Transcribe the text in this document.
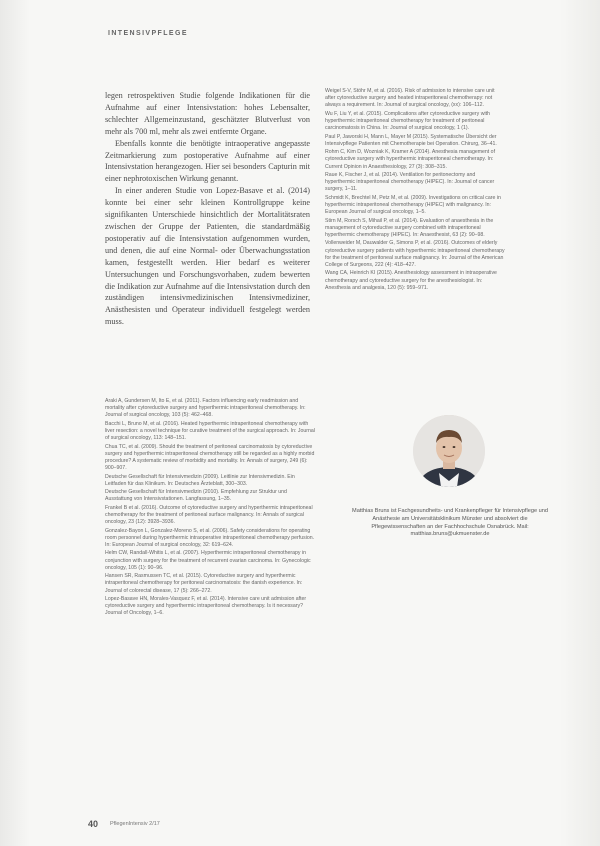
INTENSIVPFLEGE

legen retrospektiven Studie folgende Indikationen für die Aufnahme auf einer Intensivstation: hohes Lebensalter, schlechter Allgemeinzustand, geschätzter Blutverlust von mehr als 700 ml, mehr als zwei entfernte Organe.

Ebenfalls konnte die benötigte intraoperative angepasste Zeitmarkierung zum postoperative Aufnahme auf einer Intensivstation herangezogen. Hier sei besonders Capturin mit einer nephrotoxischen Wirkung genannt.

In einer anderen Studie von Lopez-Basave et al. (2014) konnte bei einer sehr kleinen Kontrollgruppe keine signifikanten Unterschiede hinsichtlich der Mortalitätsraten zwischen der Gruppe der Patienten, die standardmäßig postoperativ auf die Intensivstation aufgenommen wurden, und denen, die auf eine Normal- oder Überwachungsstation kamen, festgestellt werden. Hier bedarf es weiterer Untersuchungen und Forschungsvorhaben, zudem bewerten die Indikation zur Aufnahme auf die Intensivstation durch den zuständigen intensivmedizinischen Intensivmediziner, Anästhesisten und Operateur individuell festgelegt werden muss.

Weigel S-V, Stöhr M, et al. (2016). Risk of admission to intensive care unit after cytoreductive surgery and heated intraperitoneal chemotherapy: not always a requirement. In: Journal of surgical oncology, (xx): 106–112.
Wu F, Liu Y, et al. (2015). Complications after cytoreductive surgery with hyperthermic intraperitoneal chemotherapy for treatment of peritoneal carcinomatosis in China. In: Journal of surgical oncology, 1 (1).
Paul P, Jaworski H, Mann L, Mayer M (2015). Systematische Übersicht der Intensivpflege Patienten mit Chemotherapie bei Operation. Chirurg, 36–41.
Rohm C, Kim D, Wozniak K, Kramer A (2014). Anesthesia management of cytoreductive surgery with hyperthermic intraperitoneal chemotherapy. In: Current Opinion in Anaesthesiology, 27 (3): 308–315.
Raue K, Fischer J, et al. (2014). Ventilation for peritonectomy and hyperthermic intraperitoneal chemotherapy (HIPEC). In: Journal of cancer surgery, 1–11.
Schmidt K, Brechtel M, Petz M, et al. (2009). Investigations on critical care in hyperthermic intraperitoneal chemotherapy (HIPEC) with malignancy. In: European Journal of surgical oncology, 1–5.
Stirn M, Rorsch S, Mihail P, et al. (2014). Evaluation of anaesthesia in the management of cytoreductive surgery combined with intraperitoneal hyperthermic chemotherapy (HIPEC). In: Anaesthesist, 63 (2): 90–98.
Vollenweider M, Dauwalder G, Simons P, et al. (2016). Outcomes of elderly cytoreductive surgery patients with hyperthermic intraperitoneal chemotherapy for the treatment of peritoneal surface malignancy. In: Journal of the American College of Surgeons, 222 (4): 418–427.
Wang CA, Heinrich KI (2015). Anesthesiology assessment in intraoperative chemotherapy and cytoreductive surgery for the anesthesiologist. In: Anesthesia and analgesia, 120 (5): 959–971.
Araki A, Gundersen M, Ito E, et al. (2011). Factors influencing early readmission and mortality after cytoreductive surgery and hyperthermic intraperitoneal chemotherapy. In: Journal of surgical oncology, 103 (5): 462–468.
Bacchi L, Bruno M, et al. (2016). Heated hyperthermic intraperitoneal chemotherapy with liver resection: a novel technique for curative treatment of the surgical approach. In: Journal of surgical oncology, 113: 148–151.
Chua TC, et al. (2009). Should the treatment of peritoneal carcinomatosis by cytoreductive surgery and hyperthermic intraperitoneal chemotherapy still be regarded as a highly morbid procedure? A systematic review of morbidity and mortality. In: Annals of surgery, 249 (6): 900–907.
Deutsche Gesellschaft für Intensivmedizin (2009). Leitlinie zur Intensivmedizin. Ein Leitfaden für das Klinikum. In: Deutsches Ärzteblatt, 300–303.
Deutsche Gesellschaft für Intensivmedizin (2010). Empfehlung zur Struktur und Ausstattung von Intensivstationen. Langfassung, 1–35.
Frankel B et al. (2016). Outcome of cytoreductive surgery and hyperthermic intraperitoneal chemotherapy for the treatment of peritoneal surface malignancy. In: Annals of surgical oncology, 23 (12): 3928–3936.
Gonzalez-Bayon L, Gonzalez-Moreno S, et al. (2006). Safety considerations for operating room personnel during hyperthermic intraoperative intraperitoneal chemotherapy perfusion. In: European Journal of surgical oncology, 32: 619–624.
Helm CW, Randall-Whitis L, et al. (2007). Hyperthermic intraperitoneal chemotherapy in conjunction with surgery for the treatment of recurrent ovarian carcinoma. In: Gynecologic oncology, 105 (1): 90–96.
Hansen SR, Rasmussen TC, et al. (2015). Cytoreductive surgery and hyperthermic intraperitoneal chemotherapy for peritoneal carcinomatosis: the danish experience. In: Journal of colorectal disease, 17 (5): 266–272.
Lopez-Basave HN, Morales-Vasquez F, et al. (2014). Intensive care unit admission after cytoreductive surgery and hyperthermic intraperitoneal chemotherapy. Is it necessary? Journal of Oncology, 1–6.
Matthias Bruns ist Fachgesundheits- und Krankenpfleger für Intensivpflege und Anästhesie am Universitätsklinikum Münster und absolviert die Pflegewissenschaften an der Fachhochschule Osnabrück. Mail: matthias.bruns@ukmuenster.de
40 PflegenIntensiv 2/17
